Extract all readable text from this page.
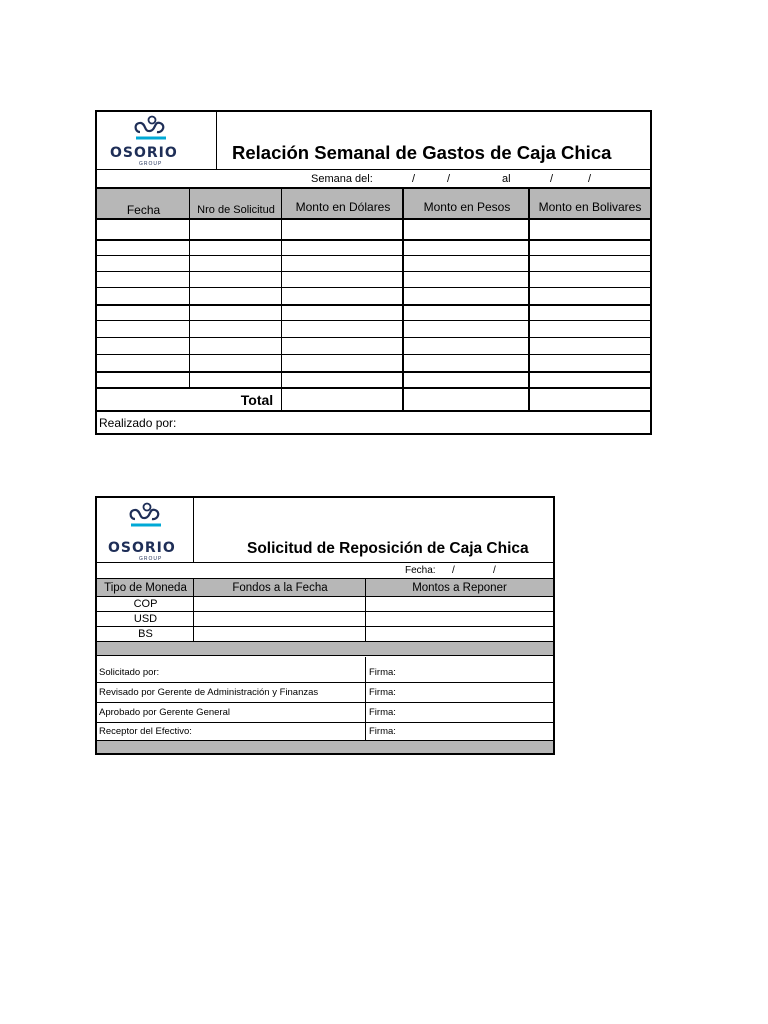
OSORIO
GROUP
Relación Semanal de Gastos de Caja Chica
Semana del:	/	/	al	/	/
Fecha	Nro de Solicitud	Monto en Dólares	Monto en Pesos	Monto en Bolivares
Total
Realizado por:
OSORIO
GROUP
Solicitud de Reposición de Caja Chica
Fecha: /	/
Tipo de Moneda	Fondos a la Fecha	Montos a Reponer
COP
USD
BS
Solicitado por:	Firma:
Revisado por Gerente de Administración y Finanzas	Firma:
Aprobado por Gerente General	Firma:
Receptor del Efectivo:	Firma:
